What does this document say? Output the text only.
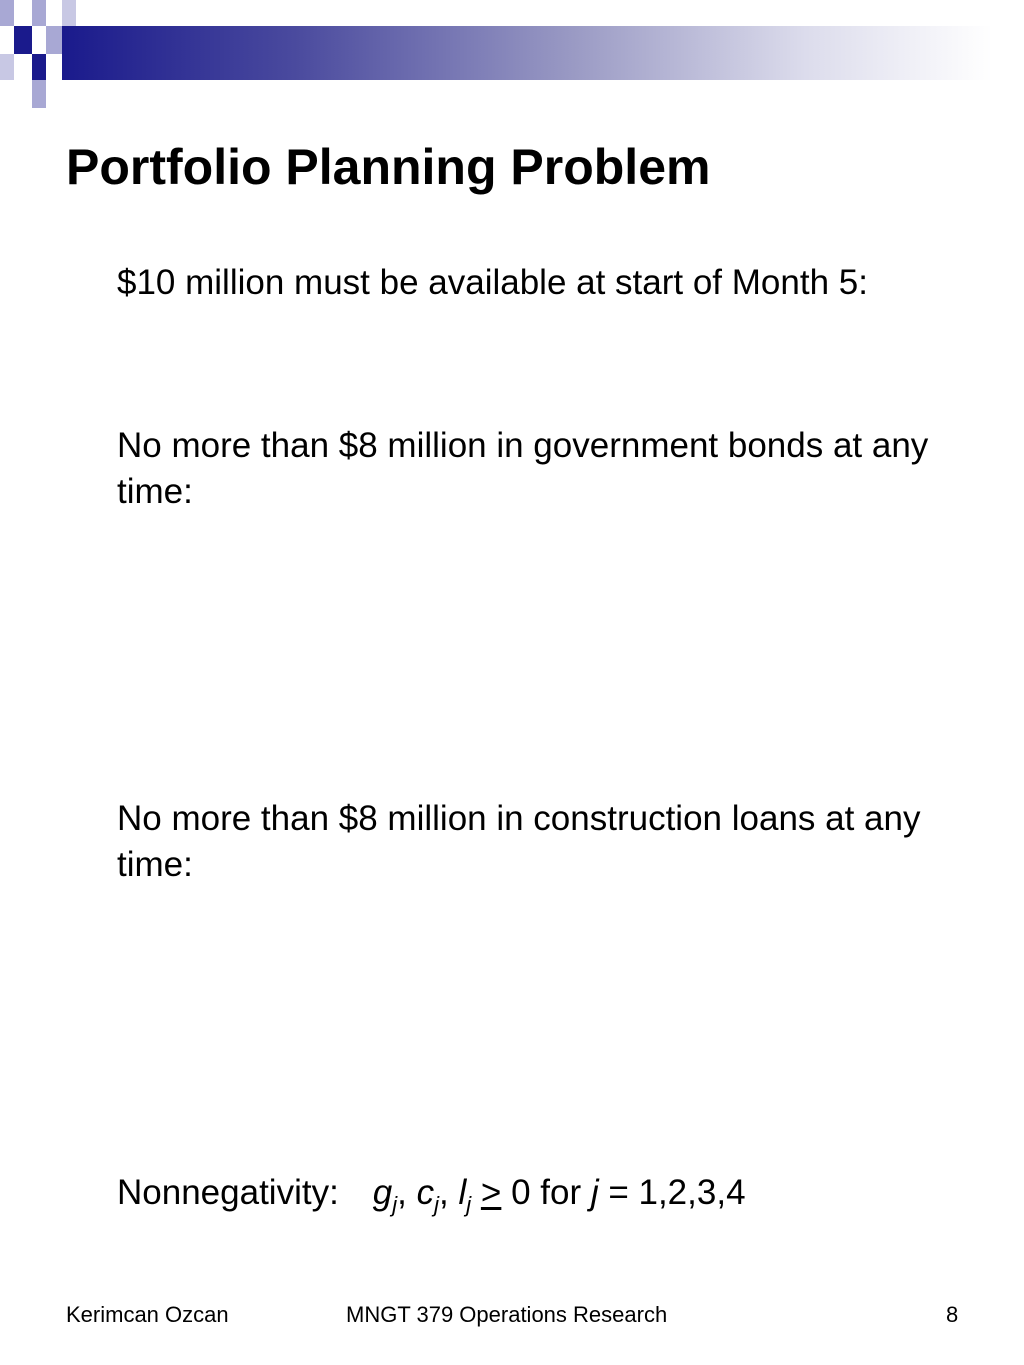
Portfolio Planning Problem

$10 million must be available at start of Month 5:

No more than $8 million in government bonds at any time:

No more than $8 million in construction loans at any time:

Nonnegativity: $g_j$, $c_j$, $l_j \ge 0$ for j = 1,2,3,4

Kerimcan Ozcan	MNGT 379 Operations Research	8
